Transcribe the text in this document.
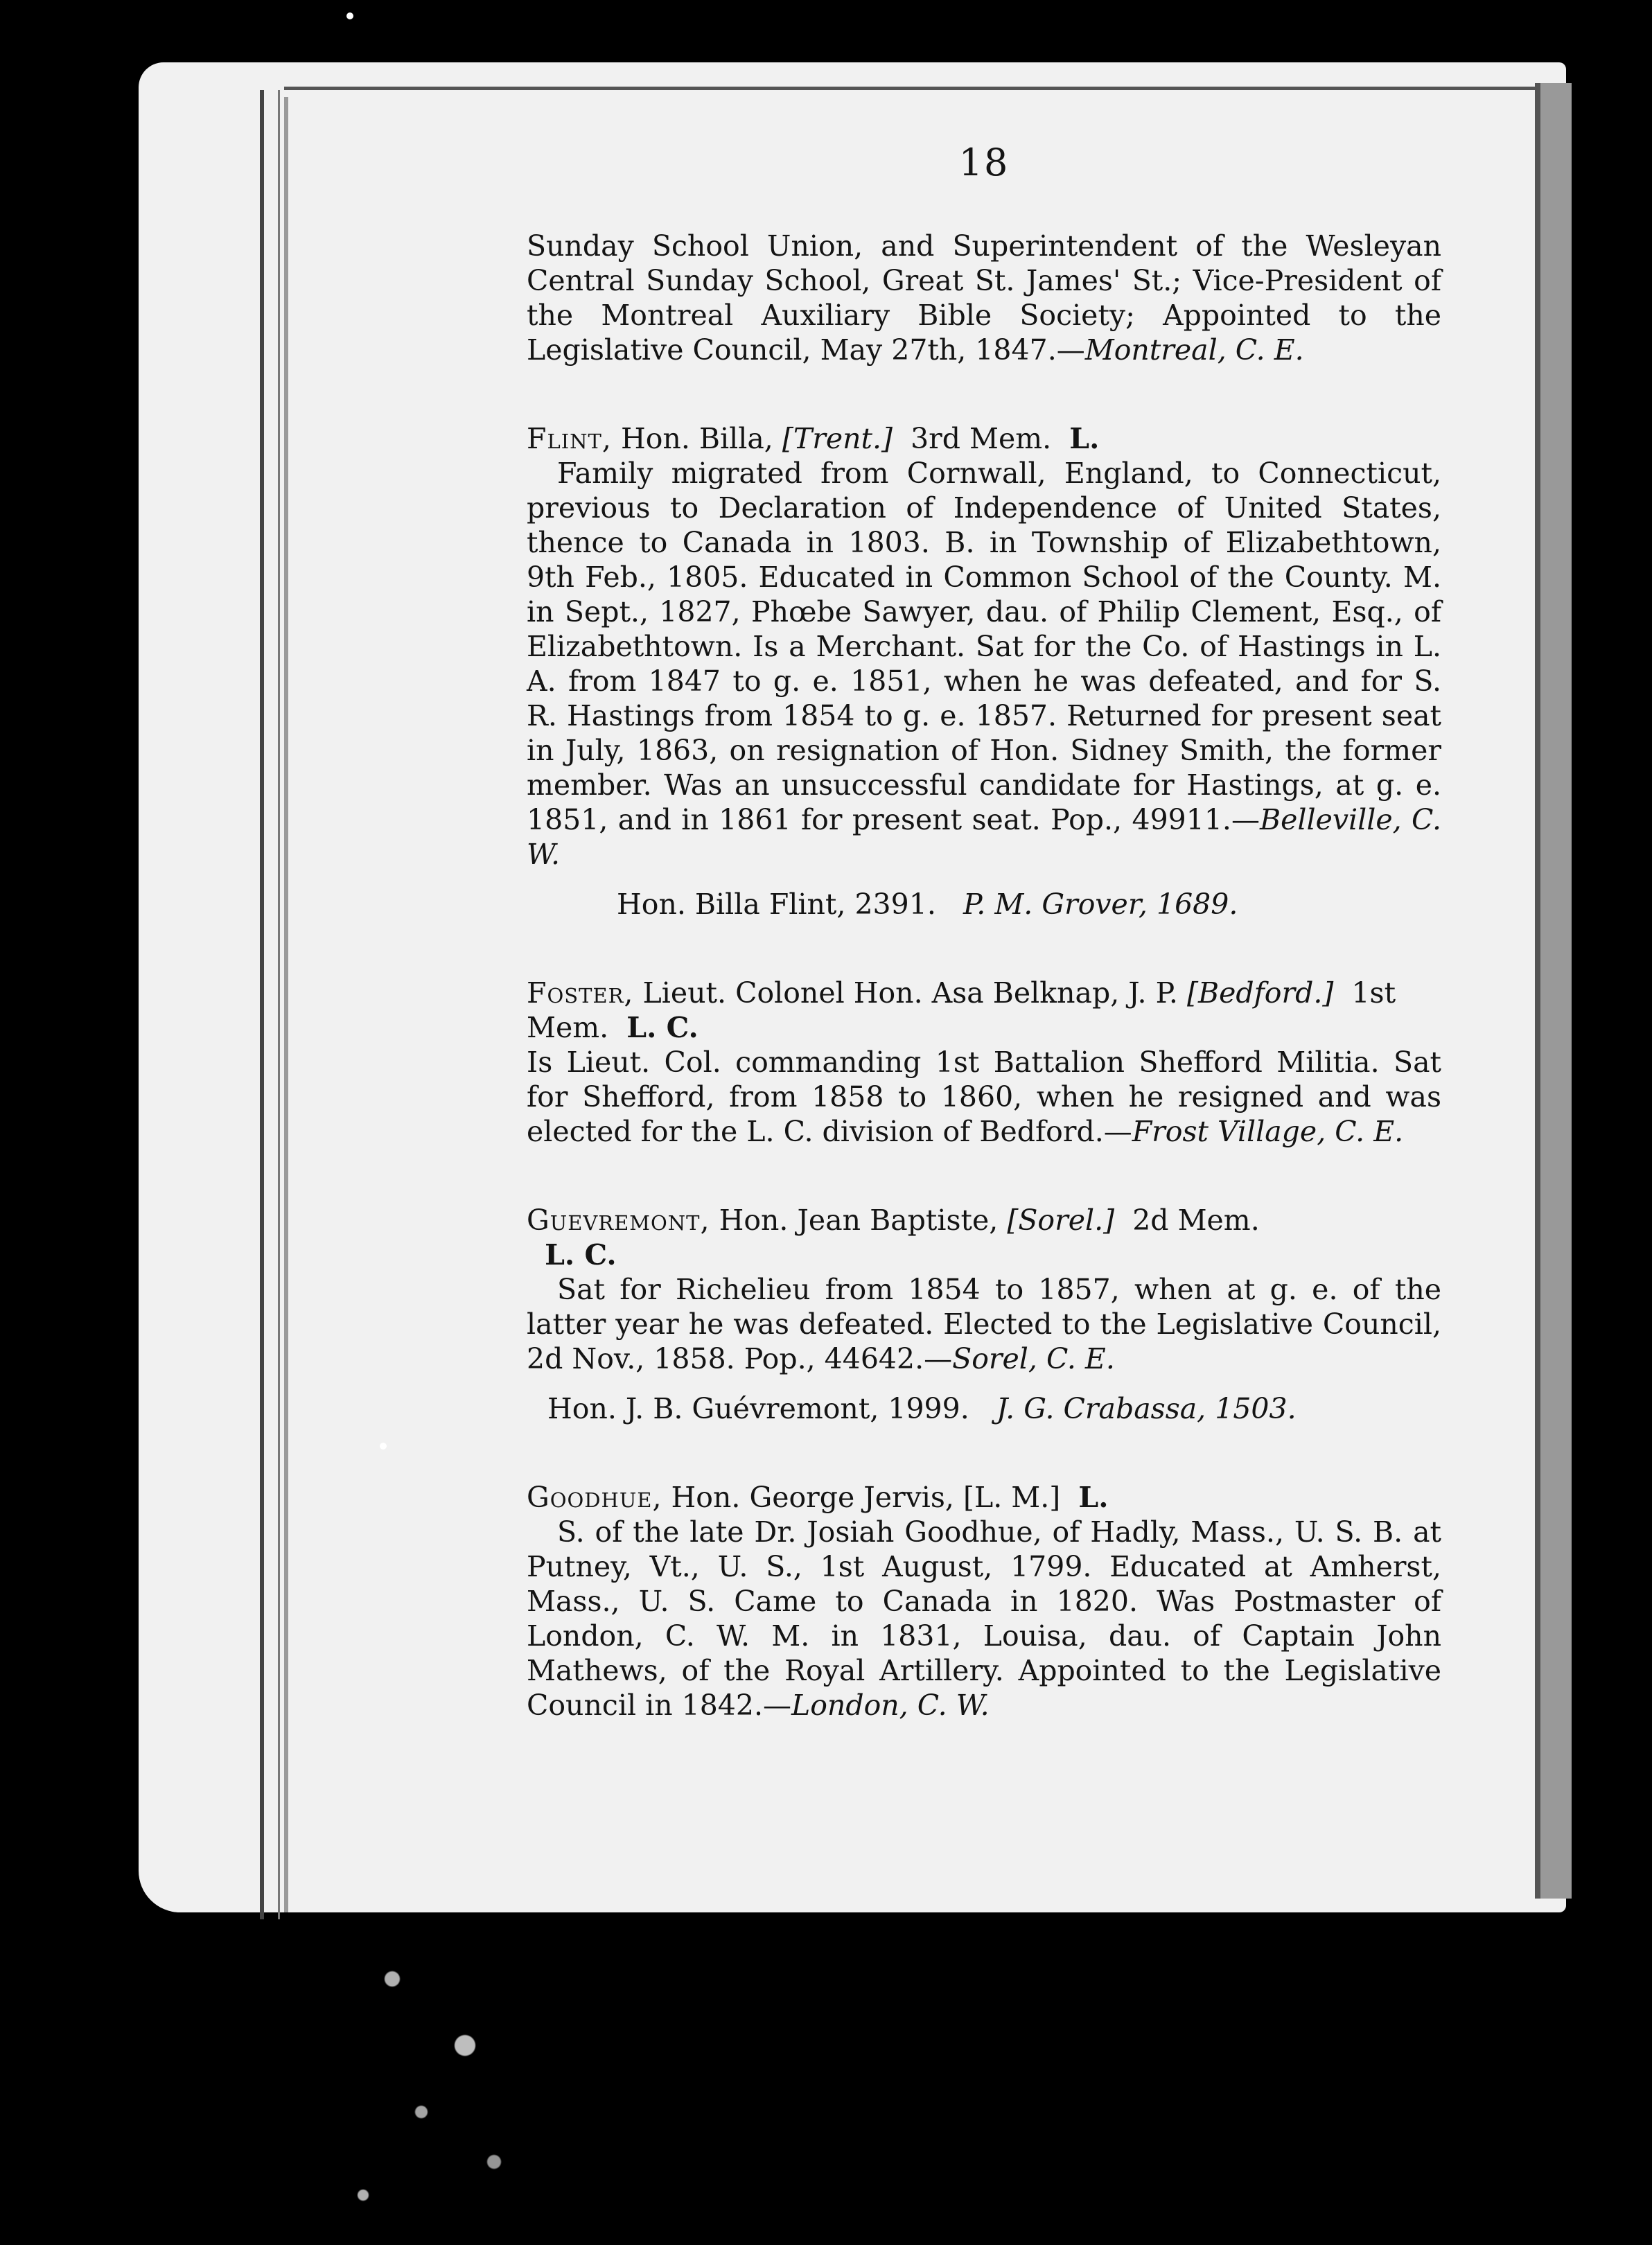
18

Sunday School Union, and Superintendent of the Wesleyan Central Sunday School, Great St. James' St.; Vice-President of the Montreal Auxiliary Bible Society; Appointed to the Legislative Council, May 27th, 1847.—Montreal, C. E.

Flint, Hon. Billa, [Trent.] 3rd Mem. L.

Family migrated from Cornwall, England, to Connecticut, previous to Declaration of Independence of United States, thence to Canada in 1803. B. in Township of Elizabethtown, 9th Feb., 1805. Educated in Common School of the County. M. in Sept., 1827, Phœbe Sawyer, dau. of Philip Clement, Esq., of Elizabethtown. Is a Merchant. Sat for the Co. of Hastings in L. A. from 1847 to g. e. 1851, when he was defeated, and for S. R. Hastings from 1854 to g. e. 1857. Returned for present seat in July, 1863, on resignation of Hon. Sidney Smith, the former member. Was an unsuccessful candidate for Hastings, at g. e. 1851, and in 1861 for present seat. Pop., 49911.—Belleville, C. W.

Hon. Billa Flint, 2391. P. M. Grover, 1689.

Foster, Lieut. Colonel Hon. Asa Belknap, J. P. [Bedford.] 1st Mem. L. C.

Is Lieut. Col. commanding 1st Battalion Shefford Militia. Sat for Shefford, from 1858 to 1860, when he resigned and was elected for the L. C. division of Bedford.—Frost Village, C. E.

Guevremont, Hon. Jean Baptiste, [Sorel.] 2d Mem.
L. C.

Sat for Richelieu from 1854 to 1857, when at g. e. of the latter year he was defeated. Elected to the Legislative Council, 2d Nov., 1858. Pop., 44642.—Sorel, C. E.

Hon. J. B. Guévremont, 1999. J. G. Crabassa, 1503.

Goodhue, Hon. George Jervis, [L. M.] L.

S. of the late Dr. Josiah Goodhue, of Hadly, Mass., U. S. B. at Putney, Vt., U. S., 1st August, 1799. Educated at Amherst, Mass., U. S. Came to Canada in 1820. Was Postmaster of London, C. W. M. in 1831, Louisa, dau. of Captain John Mathews, of the Royal Artillery. Appointed to the Legislative Council in 1842.—London, C. W.
